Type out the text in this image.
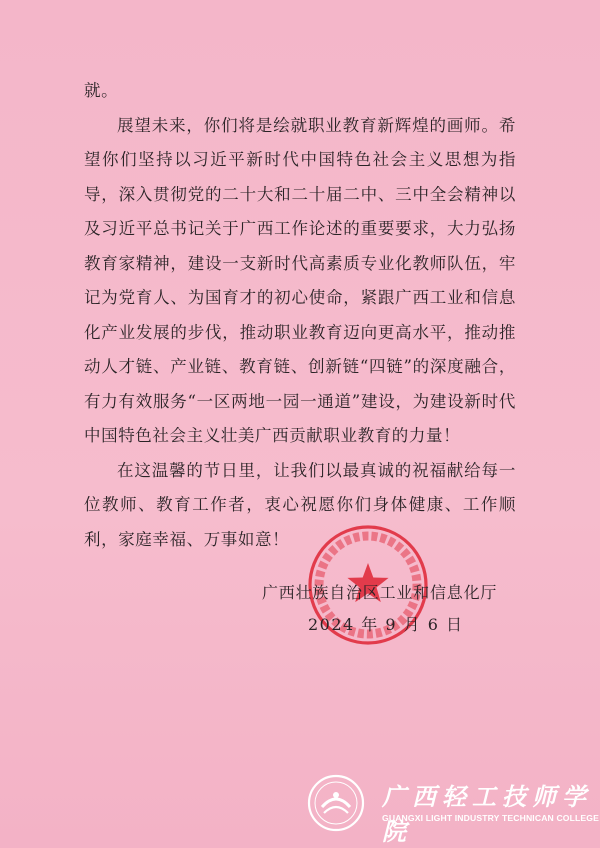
就。

展望未来，你们将是绘就职业教育新辉煌的画师。希望你们坚持以习近平新时代中国特色社会主义思想为指导，深入贯彻党的二十大和二十届二中、三中全会精神以及习近平总书记关于广西工作论述的重要要求，大力弘扬教育家精神，建设一支新时代高素质专业化教师队伍，牢记为党育人、为国育才的初心使命，紧跟广西工业和信息化产业发展的步伐，推动职业教育迈向更高水平，推动推动人才链、产业链、教育链、创新链“四链”的深度融合，有力有效服务“一区两地一园一通道”建设，为建设新时代中国特色社会主义壮美广西贡献职业教育的力量！

在这温馨的节日里，让我们以最真诚的祝福献给每一位教师、教育工作者，衷心祝愿你们身体健康、工作顺利，家庭幸福、万事如意！

广西壮族自治区工业和信息化厅
2024 年 9 月 6 日
广西轻工技师学院
GUANGXI LIGHT INDUSTRY TECHNICAN COLLEGE
